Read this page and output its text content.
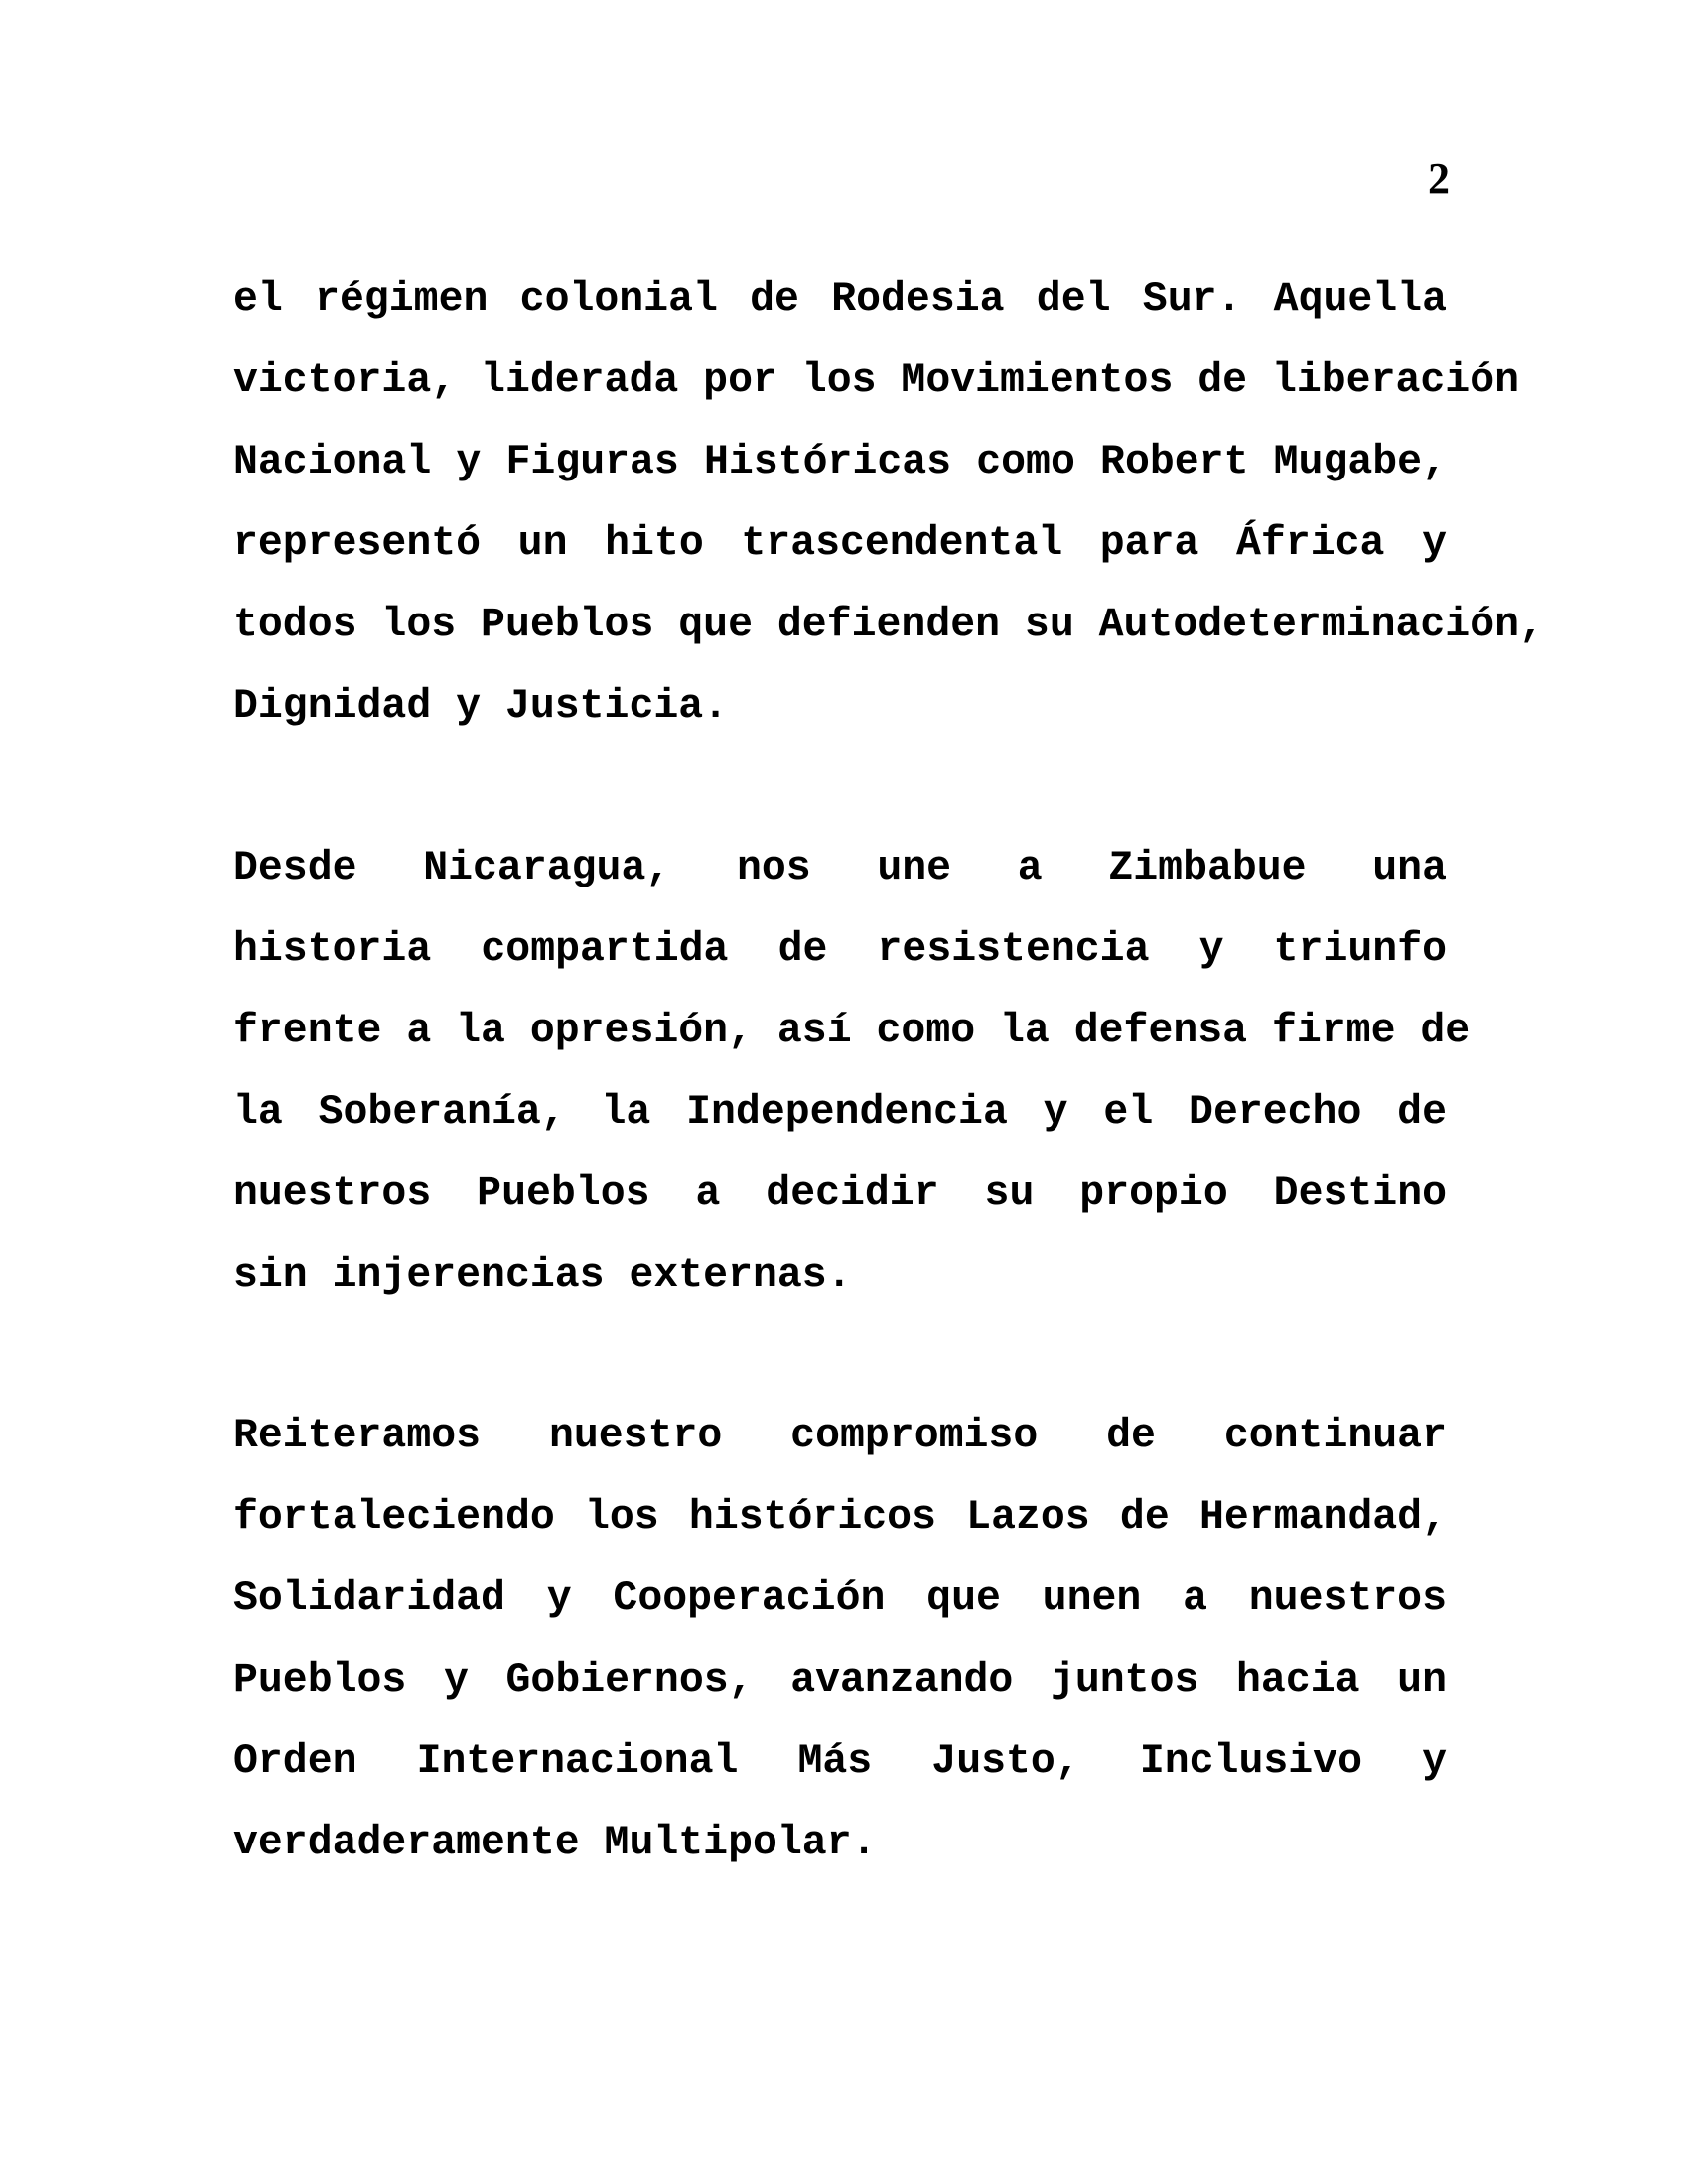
2
el régimen colonial de Rodesia del Sur. Aquella
victoria, liderada por los Movimientos de liberación
Nacional y Figuras Históricas como Robert Mugabe,
representó un hito trascendental para África y
todos los Pueblos que defienden su Autodeterminación,
Dignidad y Justicia.
Desde Nicaragua, nos une a Zimbabue una
historia compartida de resistencia y triunfo
frente a la opresión, así como la defensa firme de
la Soberanía, la Independencia y el Derecho de
nuestros Pueblos a decidir su propio Destino
sin injerencias externas.
Reiteramos nuestro compromiso de continuar
fortaleciendo los históricos Lazos de Hermandad,
Solidaridad y Cooperación que unen a nuestros
Pueblos y Gobiernos, avanzando juntos hacia un
Orden Internacional Más Justo, Inclusivo y
verdaderamente Multipolar.
